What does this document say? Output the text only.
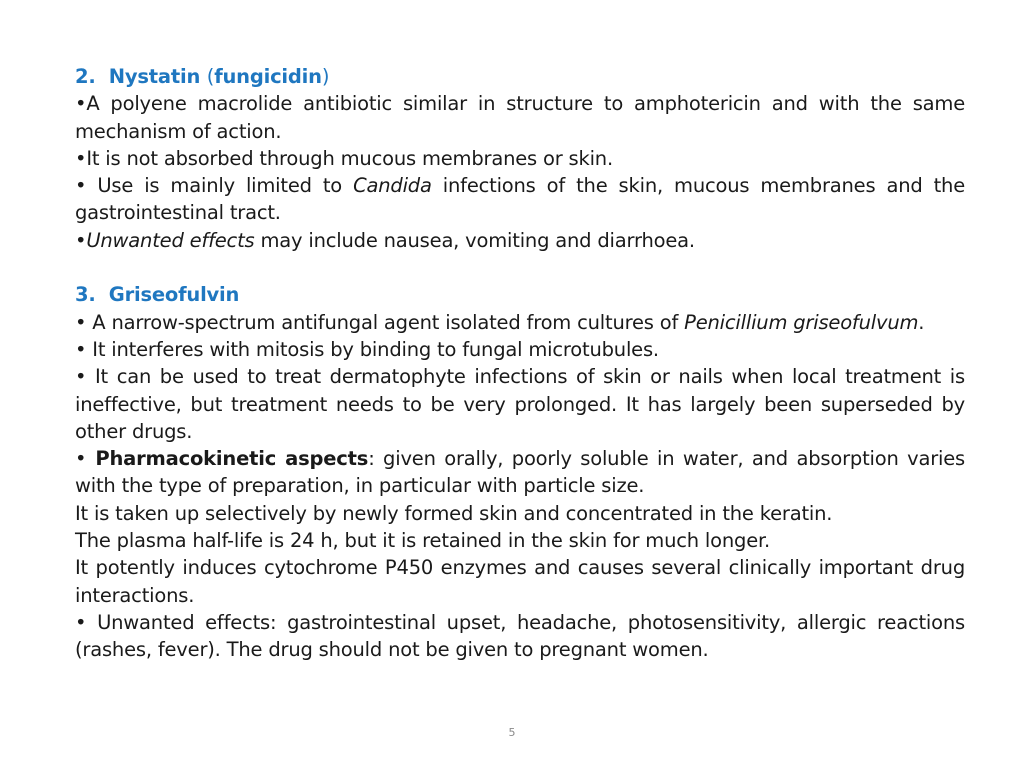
2. Nystatin (fungicidin)
•A polyene macrolide antibiotic similar in structure to amphotericin and with the same mechanism of action.
•It is not absorbed through mucous membranes or skin.
• Use is mainly limited to Candida infections of the skin, mucous membranes and the gastrointestinal tract.
•Unwanted effects may include nausea, vomiting and diarrhoea.
3. Griseofulvin
• A narrow-spectrum antifungal agent isolated from cultures of Penicillium griseofulvum.
• It interferes with mitosis by binding to fungal microtubules.
• It can be used to treat dermatophyte infections of skin or nails when local treatment is ineffective, but treatment needs to be very prolonged. It has largely been superseded by other drugs.
• Pharmacokinetic aspects: given orally, poorly soluble in water, and absorption varies with the type of preparation, in particular with particle size.
It is taken up selectively by newly formed skin and concentrated in the keratin.
The plasma half-life is 24 h, but it is retained in the skin for much longer.
It potently induces cytochrome P450 enzymes and causes several clinically important drug interactions.
• Unwanted effects: gastrointestinal upset, headache, photosensitivity, allergic reactions (rashes, fever). The drug should not be given to pregnant women.
5
